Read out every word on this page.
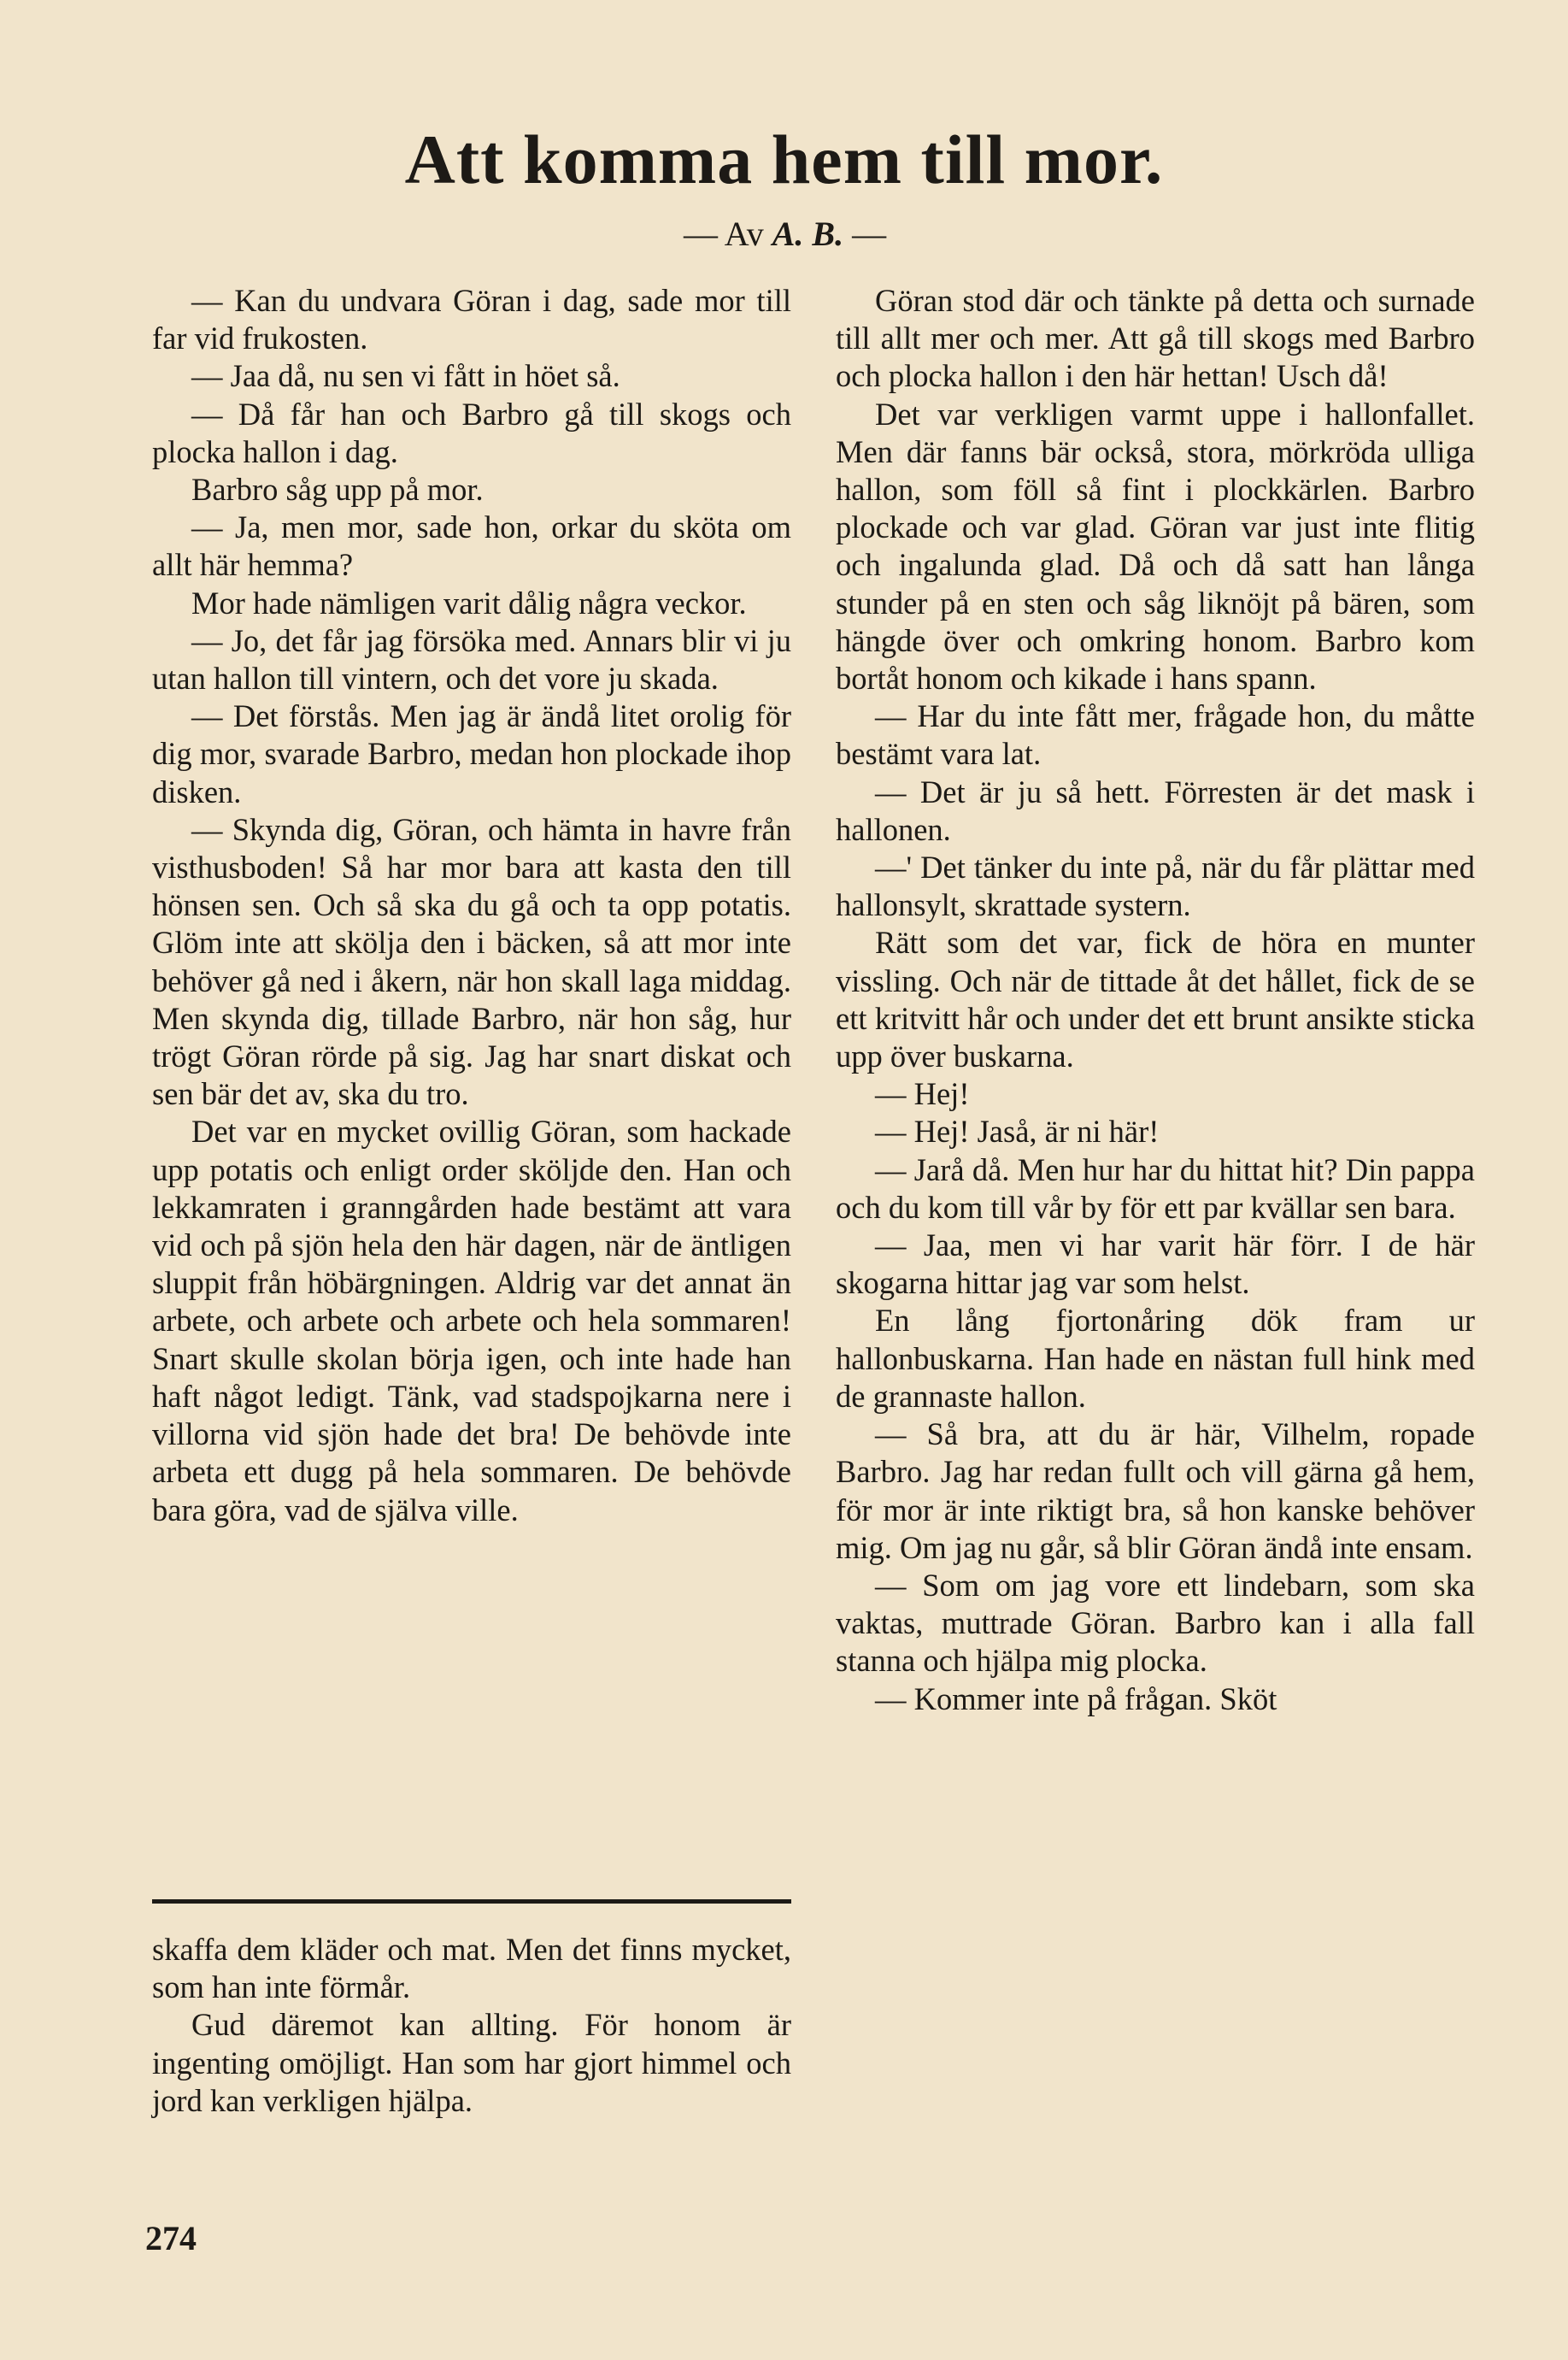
Att komma hem till mor.

— Av A. B. —

— Kan du undvara Göran i dag, sade mor till far vid frukosten.

— Jaa då, nu sen vi fått in höet så.

— Då får han och Barbro gå till skogs och plocka hallon i dag.

Barbro såg upp på mor.

— Ja, men mor, sade hon, orkar du sköta om allt här hemma?

Mor hade nämligen varit dålig några veckor.

— Jo, det får jag försöka med. Annars blir vi ju utan hallon till vintern, och det vore ju skada.

— Det förstås. Men jag är ändå litet orolig för dig mor, svarade Barbro, medan hon plockade ihop disken.

— Skynda dig, Göran, och hämta in havre från visthusboden! Så har mor bara att kasta den till hönsen sen. Och så ska du gå och ta opp potatis. Glöm inte att skölja den i bäcken, så att mor inte behöver gå ned i åkern, när hon skall laga middag. Men skynda dig, tillade Barbro, när hon såg, hur trögt Göran rörde på sig. Jag har snart diskat och sen bär det av, ska du tro.

Det var en mycket ovillig Göran, som hackade upp potatis och enligt order sköljde den. Han och lekkamraten i granngården hade bestämt att vara vid och på sjön hela den här dagen, när de äntligen sluppit från höbärgningen. Aldrig var det annat än arbete, och arbete och arbete och hela sommaren! Snart skulle skolan börja igen, och inte hade han haft något ledigt. Tänk, vad stadspojkarna nere i villorna vid sjön hade det bra! De behövde inte arbeta ett dugg på hela sommaren. De behövde bara göra, vad de själva ville.

skaffa dem kläder och mat. Men det finns mycket, som han inte förmår.

Gud däremot kan allting. För honom är ingenting omöjligt. Han som har gjort himmel och jord kan verkligen hjälpa.

Göran stod där och tänkte på detta och surnade till allt mer och mer. Att gå till skogs med Barbro och plocka hallon i den här hettan! Usch då!

Det var verkligen varmt uppe i hallonfallet. Men där fanns bär också, stora, mörkröda ulliga hallon, som föll så fint i plockkärlen. Barbro plockade och var glad. Göran var just inte flitig och ingalunda glad. Då och då satt han långa stunder på en sten och såg liknöjt på bären, som hängde över och omkring honom. Barbro kom bortåt honom och kikade i hans spann.

— Har du inte fått mer, frågade hon, du måtte bestämt vara lat.

— Det är ju så hett. Förresten är det mask i hallonen.

—' Det tänker du inte på, när du får plättar med hallonsylt, skrattade systern.

Rätt som det var, fick de höra en munter vissling. Och när de tittade åt det hållet, fick de se ett kritvitt hår och under det ett brunt ansikte sticka upp över buskarna.

— Hej!

— Hej! Jaså, är ni här!

— Jarå då. Men hur har du hittat hit? Din pappa och du kom till vår by för ett par kvällar sen bara.

— Jaa, men vi har varit här förr. I de här skogarna hittar jag var som helst.

En lång fjortonåring dök fram ur hallonbuskarna. Han hade en nästan full hink med de grannaste hallon.

— Så bra, att du är här, Vilhelm, ropade Barbro. Jag har redan fullt och vill gärna gå hem, för mor är inte riktigt bra, så hon kanske behöver mig. Om jag nu går, så blir Göran ändå inte ensam.

— Som om jag vore ett lindebarn, som ska vaktas, muttrade Göran. Barbro kan i alla fall stanna och hjälpa mig plocka.

— Kommer inte på frågan. Sköt

274
